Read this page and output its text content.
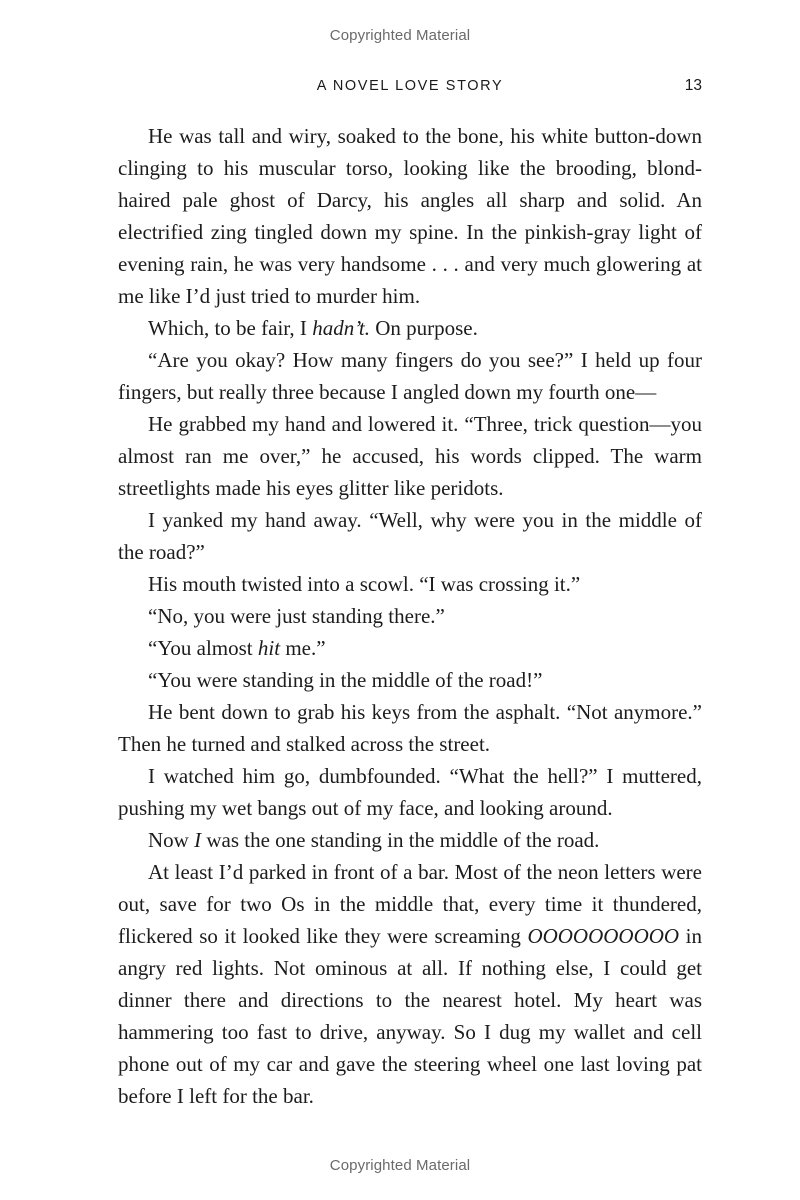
Copyrighted Material
A NOVEL LOVE STORY	13

He was tall and wiry, soaked to the bone, his white button-down clinging to his muscular torso, looking like the brooding, blond-haired pale ghost of Darcy, his angles all sharp and solid. An electrified zing tingled down my spine. In the pinkish-gray light of evening rain, he was very handsome . . . and very much glowering at me like I’d just tried to murder him.

Which, to be fair, I hadn’t. On purpose.

“Are you okay? How many fingers do you see?” I held up four fingers, but really three because I angled down my fourth one—

He grabbed my hand and lowered it. “Three, trick question—you almost ran me over,” he accused, his words clipped. The warm streetlights made his eyes glitter like peridots.

I yanked my hand away. “Well, why were you in the middle of the road?”

His mouth twisted into a scowl. “I was crossing it.”

“No, you were just standing there.”

“You almost hit me.”

“You were standing in the middle of the road!”

He bent down to grab his keys from the asphalt. “Not anymore.” Then he turned and stalked across the street.

I watched him go, dumbfounded. “What the hell?” I muttered, pushing my wet bangs out of my face, and looking around.

Now I was the one standing in the middle of the road.

At least I’d parked in front of a bar. Most of the neon letters were out, save for two Os in the middle that, every time it thundered, flickered so it looked like they were screaming OOOOOOOOOO in angry red lights. Not ominous at all. If nothing else, I could get dinner there and directions to the nearest hotel. My heart was hammering too fast to drive, anyway. So I dug my wallet and cell phone out of my car and gave the steering wheel one last loving pat before I left for the bar.

Copyrighted Material
